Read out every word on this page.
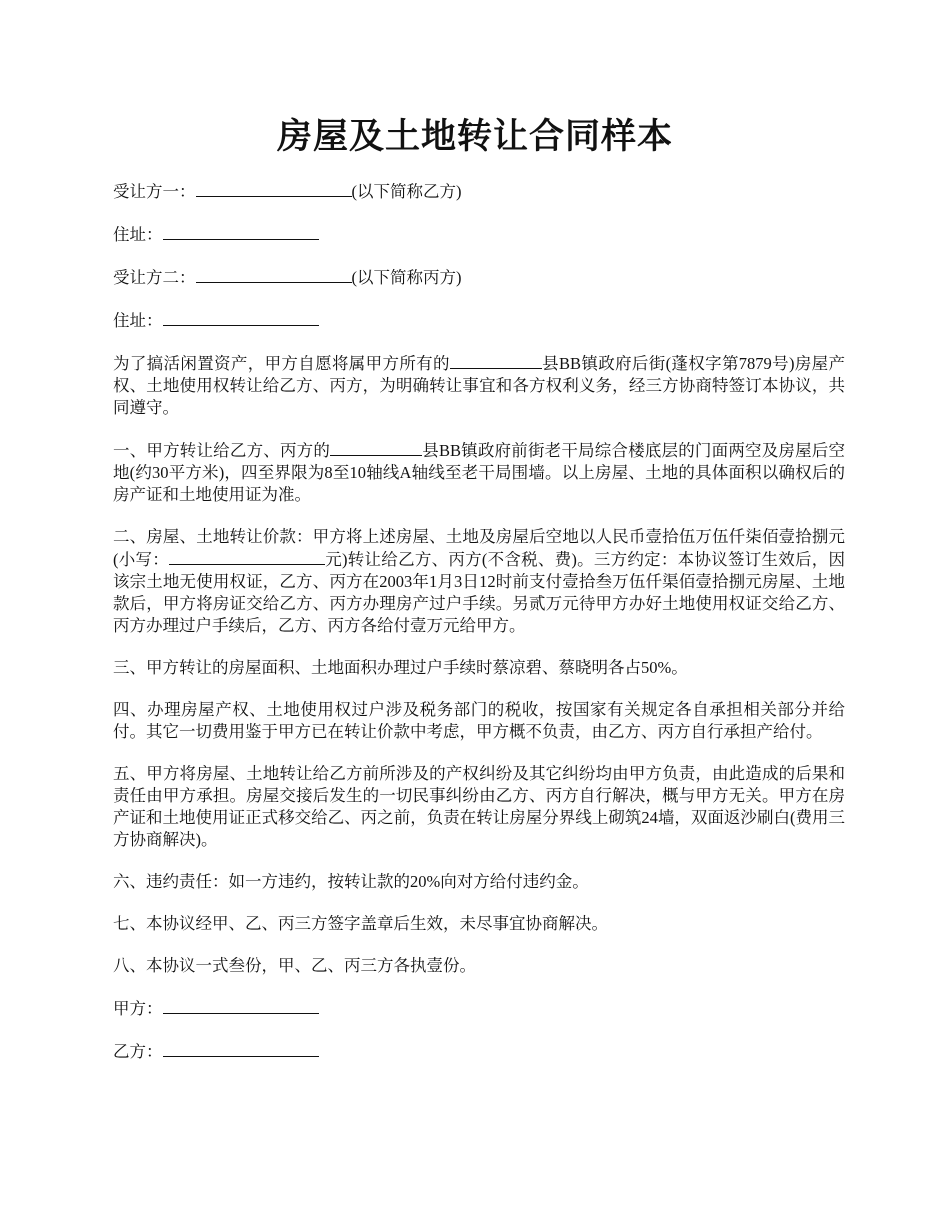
房屋及土地转让合同样本

受让方一：	(以下简称乙方)

住址：

受让方二：	(以下简称丙方)

住址：

为了搞活闲置资产，甲方自愿将属甲方所有的	县BB镇政府后街(蓬权字第7879号)房屋产权、土地使用权转让给乙方、丙方，为明确转让事宜和各方权利义务，经三方协商特签订本协议，共同遵守。

一、甲方转让给乙方、丙方的	县BB镇政府前街老干局综合楼底层的门面两空及房屋后空地(约30平方米)，四至界限为8至10轴线A轴线至老干局围墙。以上房屋、土地的具体面积以确权后的房产证和土地使用证为准。

二、房屋、土地转让价款：甲方将上述房屋、土地及房屋后空地以人民币壹拾伍万伍仟柒佰壹拾捌元(小写：	元)转让给乙方、丙方(不含税、费)。三方约定：本协议签订生效后，因该宗土地无使用权证，乙方、丙方在2003年1月3日12时前支付壹拾叁万伍仟渠佰壹拾捌元房屋、土地款后，甲方将房证交给乙方、丙方办理房产过户手续。另贰万元待甲方办好土地使用权证交给乙方、丙方办理过户手续后，乙方、丙方各给付壹万元给甲方。

三、甲方转让的房屋面积、土地面积办理过户手续时蔡凉碧、蔡晓明各占50%。

四、办理房屋产权、土地使用权过户涉及税务部门的税收，按国家有关规定各自承担相关部分并给付。其它一切费用鉴于甲方已在转让价款中考虑，甲方概不负责，由乙方、丙方自行承担产给付。

五、甲方将房屋、土地转让给乙方前所涉及的产权纠纷及其它纠纷均由甲方负责，由此造成的后果和责任由甲方承担。房屋交接后发生的一切民事纠纷由乙方、丙方自行解决，概与甲方无关。甲方在房产证和土地使用证正式移交给乙、丙之前，负责在转让房屋分界线上砌筑24墙，双面返沙刷白(费用三方协商解决)。

六、违约责任：如一方违约，按转让款的20%向对方给付违约金。

七、本协议经甲、乙、丙三方签字盖章后生效，未尽事宜协商解决。

八、本协议一式叁份，甲、乙、丙三方各执壹份。

甲方：

乙方：
